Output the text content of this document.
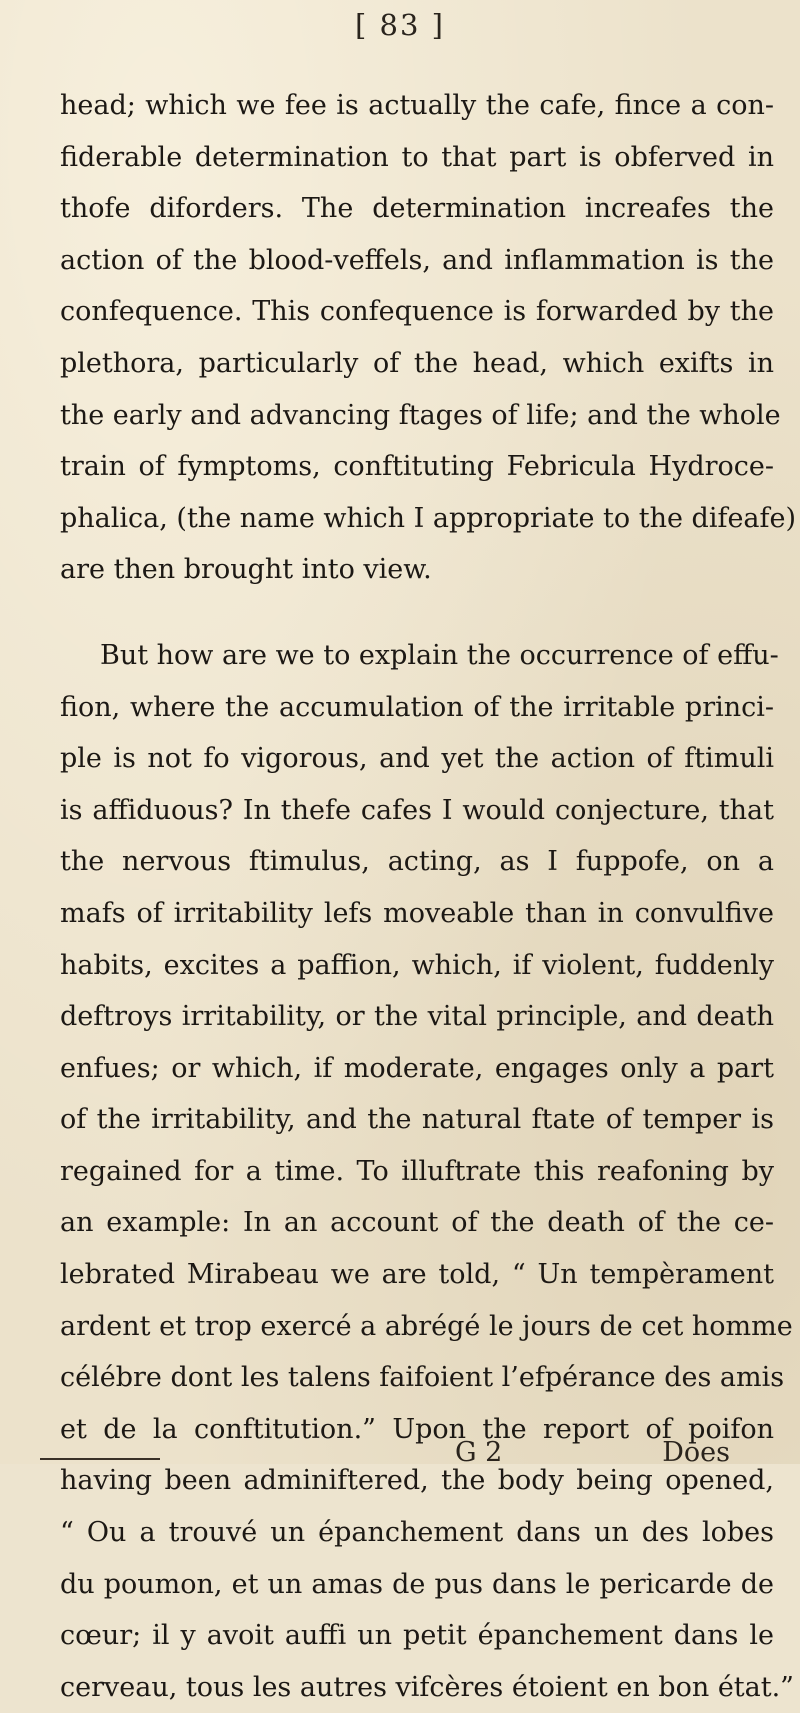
[ 83 ]
head; which we fee is actually the cafe, fince a con-
fiderable determination to that part is obferved in
thofe diforders. The determination increafes the
action of the blood-veffels, and inflammation is the
confequence. This confequence is forwarded by the
plethora, particularly of the head, which exifts in
the early and advancing ftages of life; and the whole
train of fymptoms, conftituting Febricula Hydroce-
phalica, (the name which I appropriate to the difeafe)
are then brought into view.
But how are we to explain the occurrence of effu-
fion, where the accumulation of the irritable princi-
ple is not fo vigorous, and yet the action of ftimuli
is affiduous? In thefe cafes I would conjecture, that
the nervous ftimulus, acting, as I fuppofe, on a
mafs of irritability lefs moveable than in convulfive
habits, excites a paffion, which, if violent, fuddenly
deftroys irritability, or the vital principle, and death
enfues; or which, if moderate, engages only a part
of the irritability, and the natural ftate of temper is
regained for a time. To illuftrate this reafoning by
an example: In an account of the death of the ce-
lebrated Mirabeau we are told, “ Un tempèrament
ardent et trop exercé a abrégé le jours de cet homme
célébre dont les talens faifoient l’efpérance des amis
et de la conftitution.” Upon the report of poifon
having been adminiftered, the body being opened,
“ Ou a trouvé un épanchement dans un des lobes
du poumon, et un amas de pus dans le pericarde de
cœur; il y avoit auffi un petit épanchement dans le
cerveau, tous les autres vifcères étoient en bon état.”
G 2	Does
